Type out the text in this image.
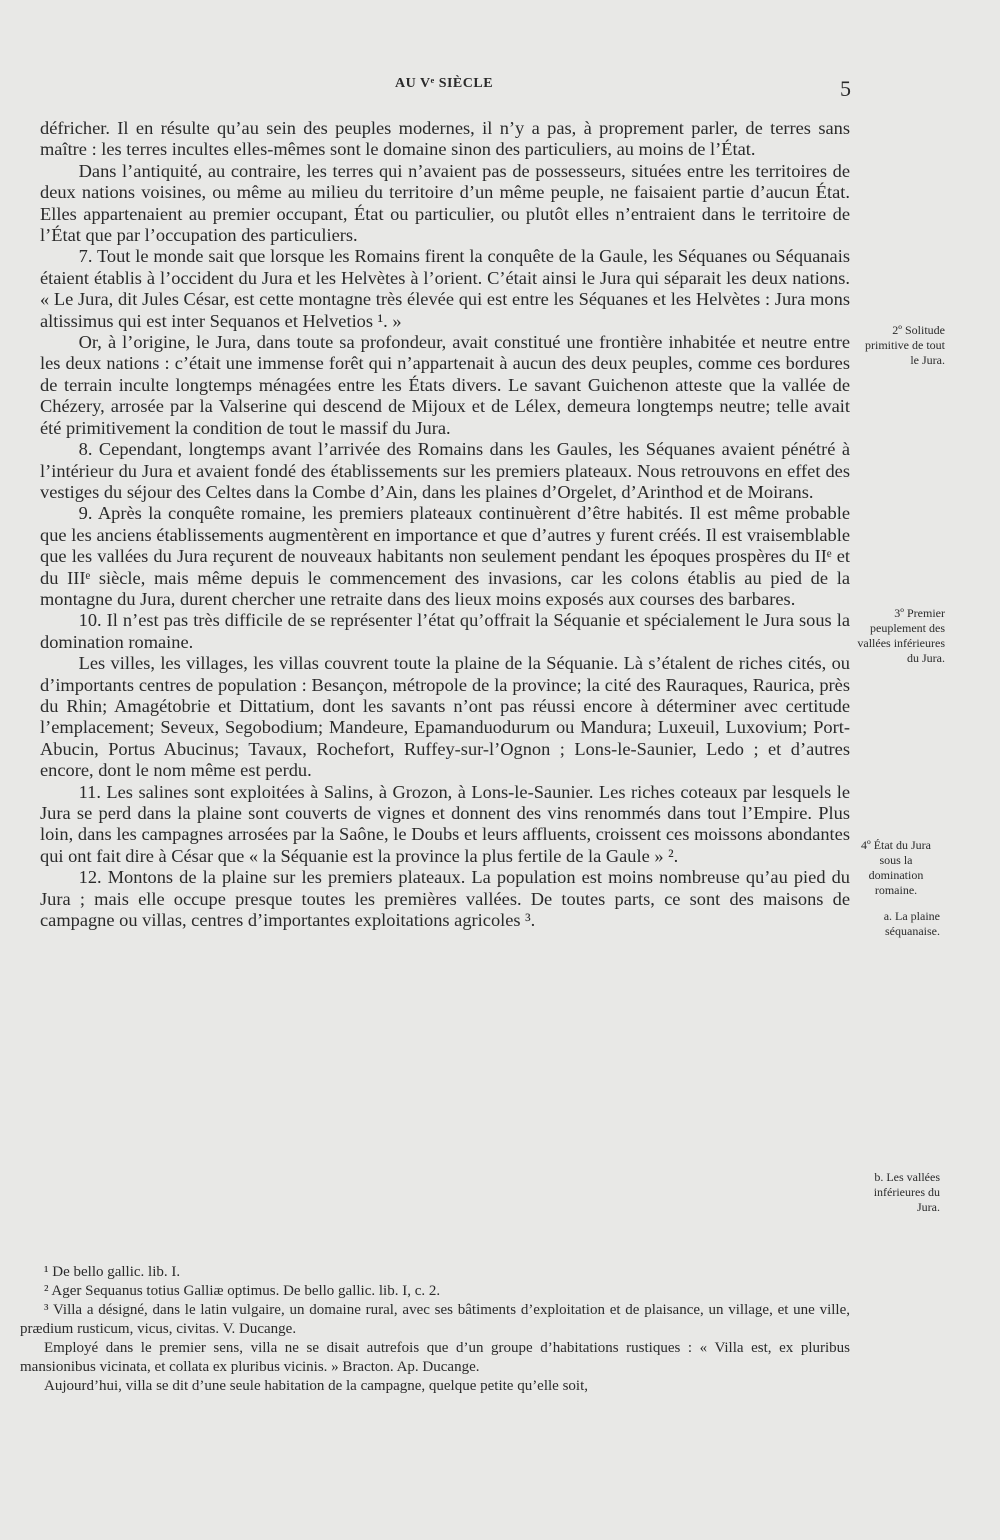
AU Vᵉ SIÈCLE	5

défricher. Il en résulte qu’au sein des peuples modernes, il n’y a pas, à proprement parler, de terres sans maître : les terres incultes elles-mêmes sont le domaine sinon des particuliers, au moins de l’État.

Dans l’antiquité, au contraire, les terres qui n’avaient pas de possesseurs, situées entre les territoires de deux nations voisines, ou même au milieu du territoire d’un même peuple, ne faisaient partie d’aucun État. Elles appartenaient au premier occupant, État ou particulier, ou plutôt elles n’entraient dans le territoire de l’État que par l’occupation des particuliers.

7. Tout le monde sait que lorsque les Romains firent la conquête de la Gaule, les Séquanes ou Séquanais étaient établis à l’occident du Jura et les Helvètes à l’orient. C’était ainsi le Jura qui séparait les deux nations. « Le Jura, dit Jules César, est cette montagne très élevée qui est entre les Séquanes et les Helvètes : Jura mons altissimus qui est inter Sequanos et Helvetios ¹. »

Or, à l’origine, le Jura, dans toute sa profondeur, avait constitué une frontière inhabitée et neutre entre les deux nations : c’était une immense forêt qui n’appartenait à aucun des deux peuples, comme ces bordures de terrain inculte longtemps ménagées entre les États divers. Le savant Guichenon atteste que la vallée de Chézery, arrosée par la Valserine qui descend de Mijoux et de Lélex, demeura longtemps neutre; telle avait été primitivement la condition de tout le massif du Jura.

8. Cependant, longtemps avant l’arrivée des Romains dans les Gaules, les Séquanes avaient pénétré à l’intérieur du Jura et avaient fondé des établissements sur les premiers plateaux. Nous retrouvons en effet des vestiges du séjour des Celtes dans la Combe d’Ain, dans les plaines d’Orgelet, d’Arinthod et de Moirans.

9. Après la conquête romaine, les premiers plateaux continuèrent d’être habités. Il est même probable que les anciens établissements augmentèrent en importance et que d’autres y furent créés. Il est vraisemblable que les vallées du Jura reçurent de nouveaux habitants non seulement pendant les époques prospères du IIᵉ et du IIIᵉ siècle, mais même depuis le commencement des invasions, car les colons établis au pied de la montagne du Jura, durent chercher une retraite dans des lieux moins exposés aux courses des barbares.

10. Il n’est pas très difficile de se représenter l’état qu’offrait la Séquanie et spécialement le Jura sous la domination romaine.

Les villes, les villages, les villas couvrent toute la plaine de la Séquanie. Là s’étalent de riches cités, ou d’importants centres de population : Besançon, métropole de la province; la cité des Rauraques, Raurica, près du Rhin; Amagétobrie et Dittatium, dont les savants n’ont pas réussi encore à déterminer avec certitude l’emplacement; Seveux, Segobodium; Mandeure, Epamanduodurum ou Mandura; Luxeuil, Luxovium; Port-Abucin, Portus Abucinus; Tavaux, Rochefort, Ruffey-sur-l’Ognon ; Lons-le-Saunier, Ledo ; et d’autres encore, dont le nom même est perdu.

11. Les salines sont exploitées à Salins, à Grozon, à Lons-le-Saunier. Les riches coteaux par lesquels le Jura se perd dans la plaine sont couverts de vignes et donnent des vins renommés dans tout l’Empire. Plus loin, dans les campagnes arrosées par la Saône, le Doubs et leurs affluents, croissent ces moissons abondantes qui ont fait dire à César que « la Séquanie est la province la plus fertile de la Gaule » ².

12. Montons de la plaine sur les premiers plateaux. La population est moins nombreuse qu’au pied du Jura ; mais elle occupe presque toutes les premières vallées. De toutes parts, ce sont des maisons de campagne ou villas, centres d’importantes exploitations agricoles ³.

2º Solitude primitive de tout le Jura.
3º Premier peuplement des vallées inférieures du Jura.
4º État du Jura sous la domination romaine.
a. La plaine séquanaise.
b. Les vallées inférieures du Jura.

¹ De bello gallic. lib. I.

² Ager Sequanus totius Galliæ optimus. De bello gallic. lib. I, c. 2.

³ Villa a désigné, dans le latin vulgaire, un domaine rural, avec ses bâtiments d’exploitation et de plaisance, un village, et une ville, prædium rusticum, vicus, civitas. V. Ducange.

Employé dans le premier sens, villa ne se disait autrefois que d’un groupe d’habitations rustiques : « Villa est, ex pluribus mansionibus vicinata, et collata ex pluribus vicinis. » Bracton. Ap. Ducange.

Aujourd’hui, villa se dit d’une seule habitation de la campagne, quelque petite qu’elle soit,
